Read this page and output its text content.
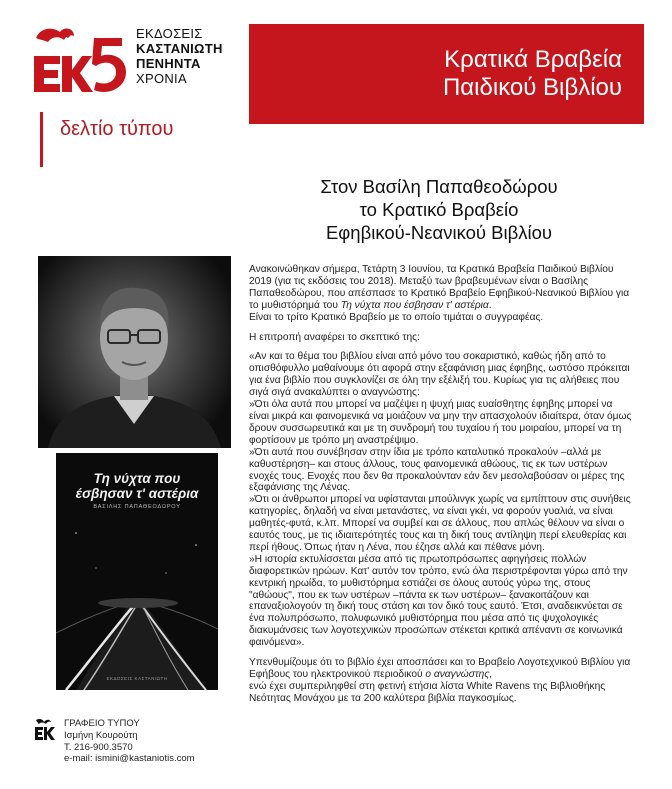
ΕΚΔΟΣΕΙΣ
ΚΑΣΤΑΝΙΩΤΗ
ΠΕΝΗΝΤΑ
ΧΡΟΝΙΑ
Κρατικά Βραβεία
Παιδικού Βιβλίου
δελτίο τύπου
Στον Βασίλη Παπαθεοδώρου
το Κρατικό Βραβείο
Εφηβικού-Νεανικού Βιβλίου
Τη νύχτα που
έσβησαν τ' αστέρια
ΒΑΣΙΛΗΣ ΠΑΠΑΘΕΟΔΩΡΟΥ
ΕΚΔΟΣΕΙΣ ΚΑΣΤΑΝΙΩΤΗ

Ανακοινώθηκαν σήμερα, Τετάρτη 3 Ιουνίου, τα Κρατικά Βραβεία Παιδικού Βιβλίου 2019 (για τις εκδόσεις του 2018). Μεταξύ των βραβευμένων είναι ο Βασίλης Παπαθεοδώρου, που απέσπασε το Κρατικό Βραβείο Εφηβικού-Νεανικού Βιβλίου για το μυθιστόρημά του Τη νύχτα που έσβησαν τ' αστέρια.

Είναι το τρίτο Κρατικό Βραβείο με το οποίο τιμάται ο συγγραφέας.

Η επιτροπή αναφέρει το σκεπτικό της:

«Αν και το θέμα του βιβλίου είναι από μόνο του σοκαριστικό, καθώς ήδη από το οπισθόφυλλο μαθαίνουμε ότι αφορά στην εξαφάνιση μιας έφηβης, ωστόσο πρόκειται για ένα βιβλίο που συγκλονίζει σε όλη την εξέλιξή του. Κυρίως για τις αλήθειες που σιγά σιγά ανακαλύπτει ο αναγνώστης:

»Ότι όλα αυτά που μπορεί να μαζέψει η ψυχή μιας ευαίσθητης έφηβης μπορεί να είναι μικρά και φαινομενικά να μοιάζουν να μην την απασχολούν ιδιαίτερα, όταν όμως δρουν συσσωρευτικά και με τη συνδρομή του τυχαίου ή του μοιραίου, μπορεί να τη φορτίσουν με τρόπο μη αναστρέψιμο.

»Ότι αυτά που συνέβησαν στην ίδια με τρόπο καταλυτικό προκαλούν –αλλά με καθυστέρηση– και στους άλλους, τους φαινομενικά αθώους, τις εκ των υστέρων ενοχές τους. Ενοχές που δεν θα προκαλούνταν εάν δεν μεσολαβούσαν οι μέρες της εξαφάνισης της Λένας.

»Ότι οι άνθρωποι μπορεί να υφίστανται μπούλινγκ χωρίς να εμπίπτουν στις συνήθεις κατηγορίες, δηλαδή να είναι μετανάστες, να είναι γκέι, να φορούν γυαλιά, να είναι μαθητές-φυτά, κ.λπ. Μπορεί να συμβεί και σε άλλους, που απλώς θέλουν να είναι ο εαυτός τους, με τις ιδιαιτερότητές τους και τη δική τους αντίληψη περί ελευθερίας και περί ήθους. Όπως ήταν η Λένα, που έζησε αλλά και πέθανε μόνη.

»Η ιστορία εκτυλίσσεται μέσα από τις πρωτοπρόσωπες αφηγήσεις πολλών διαφορετικών ηρώων. Κατ' αυτόν τον τρόπο, ενώ όλα περιστρέφονται γύρω από την κεντρική ηρωίδα, το μυθιστόρημα εστιάζει σε όλους αυτούς γύρω της, στους "αθώους", που εκ των υστέρων –πάντα εκ των υστέρων– ξανακοιτάζουν και επαναξιολογούν τη δική τους στάση και τον δικό τους εαυτό. Έτσι, αναδεικνύεται σε ένα πολυπρόσωπο, πολυφωνικό μυθιστόρημα που μέσα από τις ψυχολογικές διακυμάνσεις των λογοτεχνικών προσώπων στέκεται κριτικά απέναντι σε κοινωνικά φαινόμενα».

Υπενθυμίζουμε ότι το βιβλίο έχει αποσπάσει και το Βραβείο Λογοτεχνικού Βιβλίου για Εφήβους του ηλεκτρονικού περιοδικού ο αναγνώστης,

ενώ έχει συμπεριληφθεί στη φετινή ετήσια λίστα White Ravens της Βιβλιοθήκης Νεότητας Μονάχου με τα 200 καλύτερα βιβλία παγκοσμίως.

ΓΡΑΦΕΙΟ ΤΥΠΟΥ
Ισμήνη Κουρούτη
Τ. 216-900.3570
e-mail: ismini@kastaniotis.com
